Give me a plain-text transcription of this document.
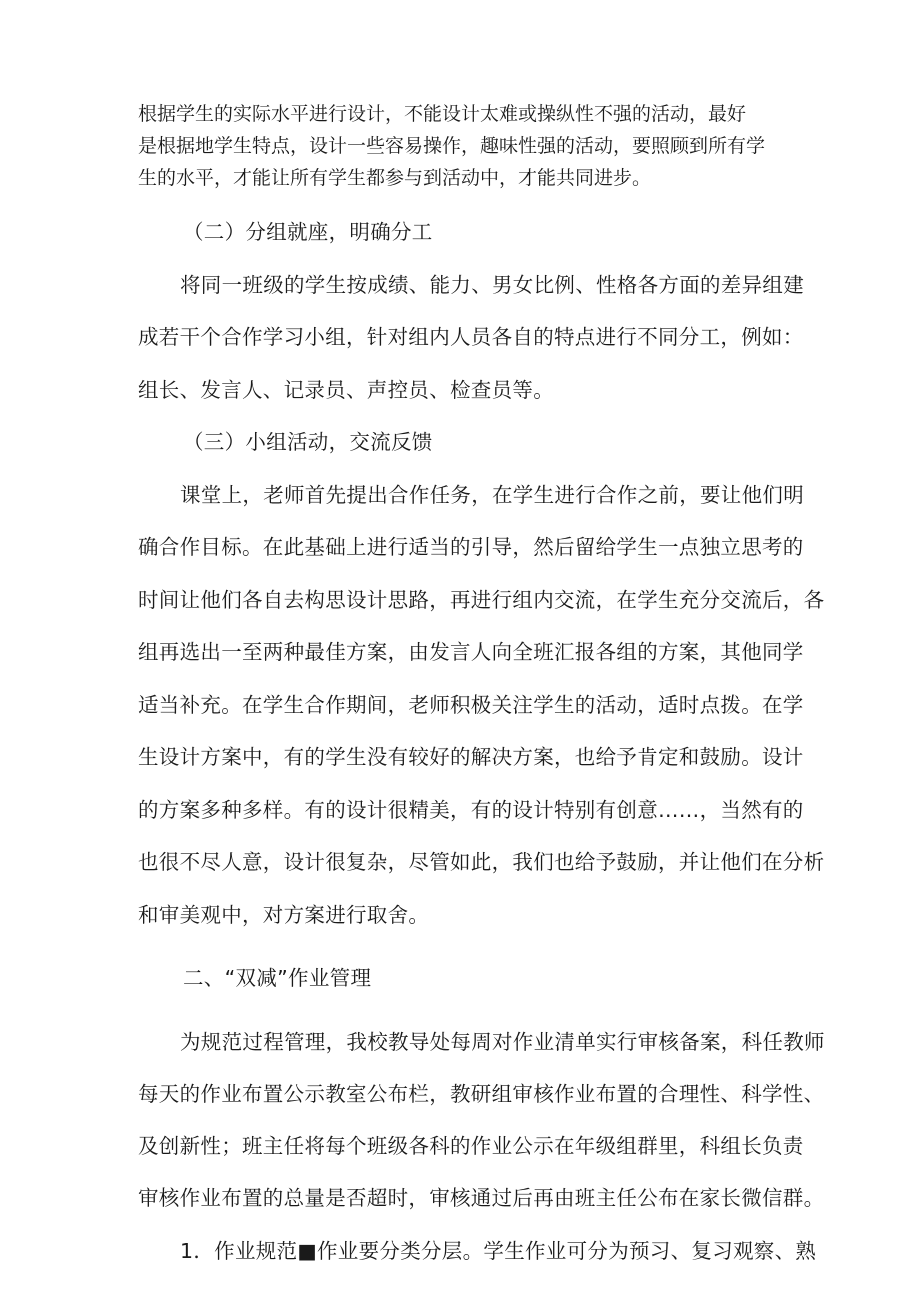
根据学生的实际水平进行设计，不能设计太难或操纵性不强的活动，最好
是根据地学生特点，设计一些容易操作，趣味性强的活动，要照顾到所有学
生的水平，才能让所有学生都参与到活动中，才能共同进步。
（二）分组就座，明确分工
将同一班级的学生按成绩、能力、男女比例、性格各方面的差异组建
成若干个合作学习小组，针对组内人员各自的特点进行不同分工，例如：
组长、发言人、记录员、声控员、检查员等。
（三）小组活动，交流反馈
课堂上，老师首先提出合作任务，在学生进行合作之前，要让他们明
确合作目标。在此基础上进行适当的引导，然后留给学生一点独立思考的
时间让他们各自去构思设计思路，再进行组内交流，在学生充分交流后，各
组再选出一至两种最佳方案，由发言人向全班汇报各组的方案，其他同学
适当补充。在学生合作期间，老师积极关注学生的活动，适时点拨。在学
生设计方案中，有的学生没有较好的解决方案，也给予肯定和鼓励。设计
的方案多种多样。有的设计很精美，有的设计特别有创意……，当然有的
也很不尽人意，设计很复杂，尽管如此，我们也给予鼓励，并让他们在分析
和审美观中，对方案进行取舍。
二、“双减”作业管理
为规范过程管理，我校教导处每周对作业清单实行审核备案，科任教师
每天的作业布置公示教室公布栏，教研组审核作业布置的合理性、科学性、
及创新性；班主任将每个班级各科的作业公示在年级组群里，科组长负责
审核作业布置的总量是否超时，审核通过后再由班主任公布在家长微信群。
1．作业规范■作业要分类分层。学生作业可分为预习、复习观察、熟
